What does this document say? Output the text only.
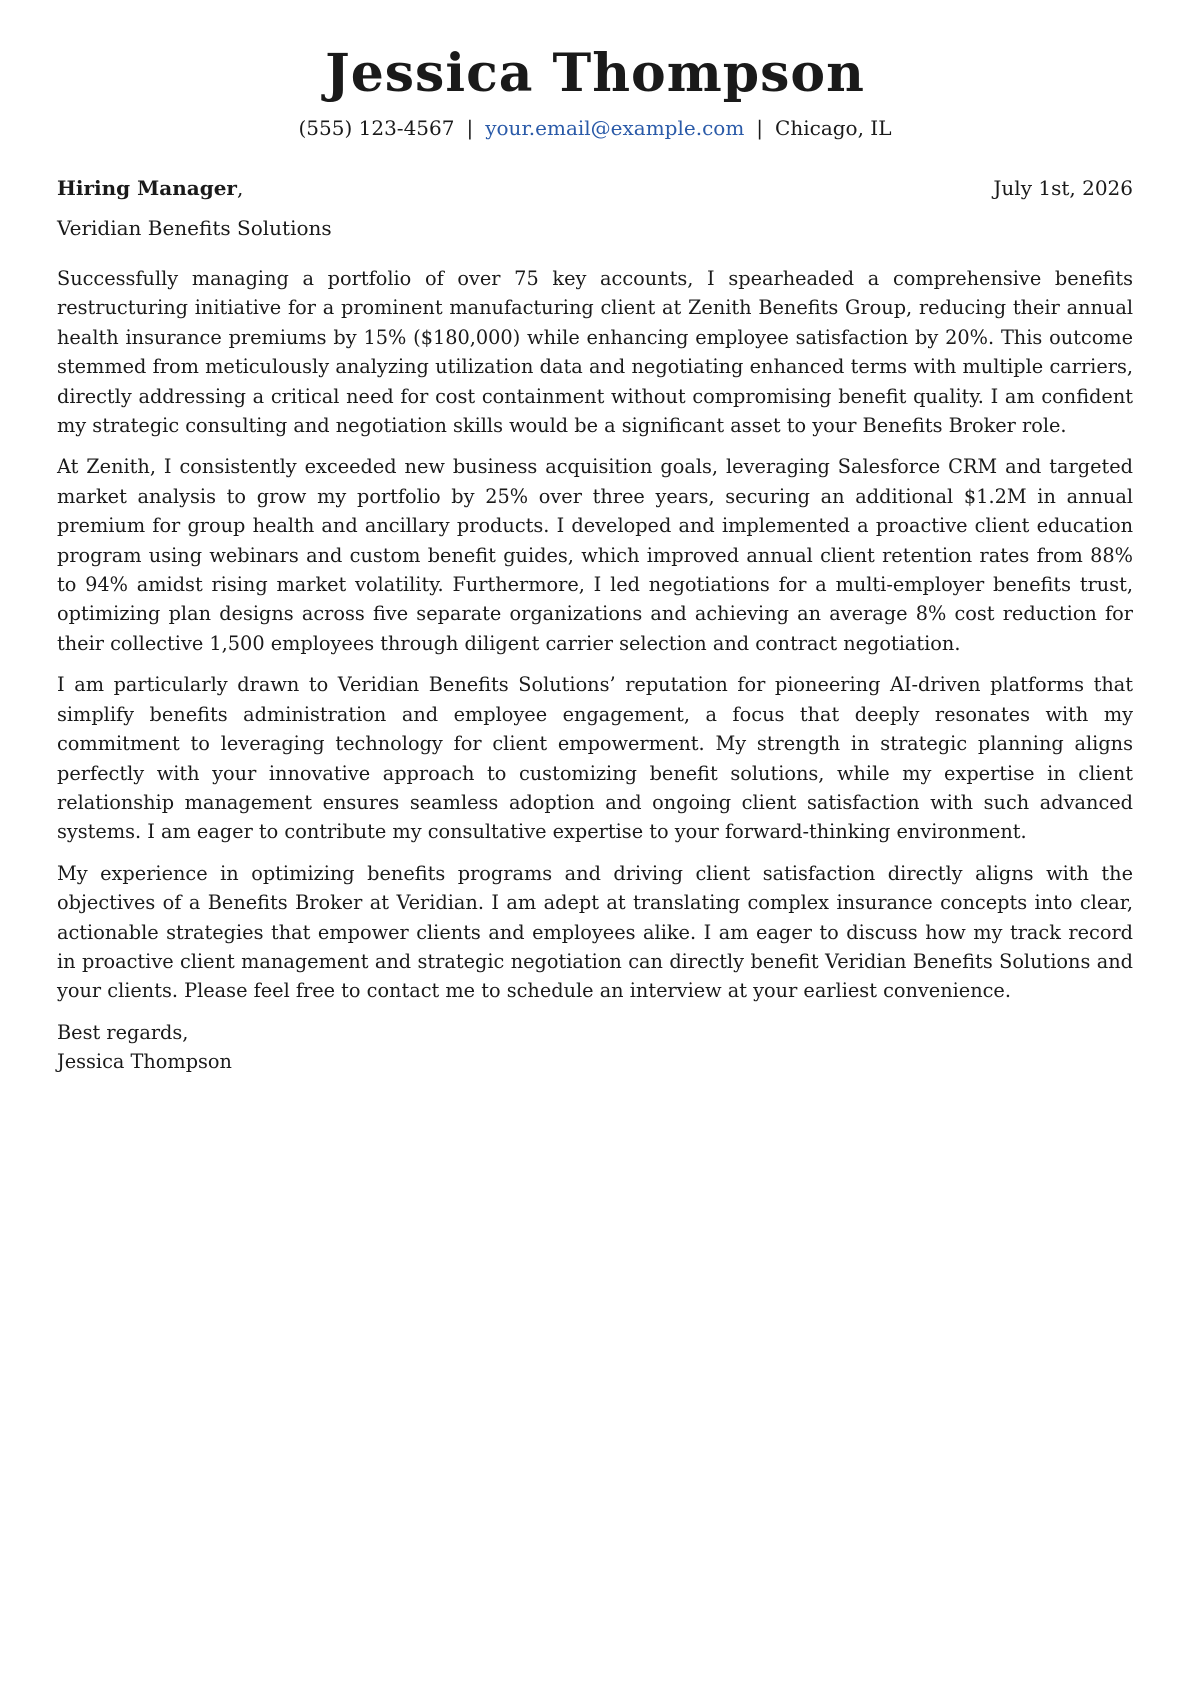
Jessica Thompson
(555) 123-4567 | your.email@example.com | Chicago, IL
Hiring Manager,	July 1st, 2026
Veridian Benefits Solutions

Successfully managing a portfolio of over 75 key accounts, I spearheaded a comprehensive benefits restructuring initiative for a prominent manufacturing client at Zenith Benefits Group, reducing their annual health insurance premiums by 15% ($180,000) while enhancing employee satisfaction by 20%. This outcome stemmed from meticulously analyzing utilization data and negotiating enhanced terms with multiple carriers, directly addressing a critical need for cost containment without compromising benefit quality. I am confident my strategic consulting and negotiation skills would be a significant asset to your Benefits Broker role.

At Zenith, I consistently exceeded new business acquisition goals, leveraging Salesforce CRM and targeted market analysis to grow my portfolio by 25% over three years, securing an additional $1.2M in annual premium for group health and ancillary products. I developed and implemented a proactive client education program using webinars and custom benefit guides, which improved annual client retention rates from 88% to 94% amidst rising market volatility. Furthermore, I led negotiations for a multi-employer benefits trust, optimizing plan designs across five separate organizations and achieving an average 8% cost reduction for their collective 1,500 employees through diligent carrier selection and contract negotiation.

I am particularly drawn to Veridian Benefits Solutions’ reputation for pioneering AI-driven platforms that simplify benefits administration and employee engagement, a focus that deeply resonates with my commitment to leveraging technology for client empowerment. My strength in strategic planning aligns perfectly with your innovative approach to customizing benefit solutions, while my expertise in client relationship management ensures seamless adoption and ongoing client satisfaction with such advanced systems. I am eager to contribute my consultative expertise to your forward-thinking environment.

My experience in optimizing benefits programs and driving client satisfaction directly aligns with the objectives of a Benefits Broker at Veridian. I am adept at translating complex insurance concepts into clear, actionable strategies that empower clients and employees alike. I am eager to discuss how my track record in proactive client management and strategic negotiation can directly benefit Veridian Benefits Solutions and your clients. Please feel free to contact me to schedule an interview at your earliest convenience.

Best regards,
Jessica Thompson
